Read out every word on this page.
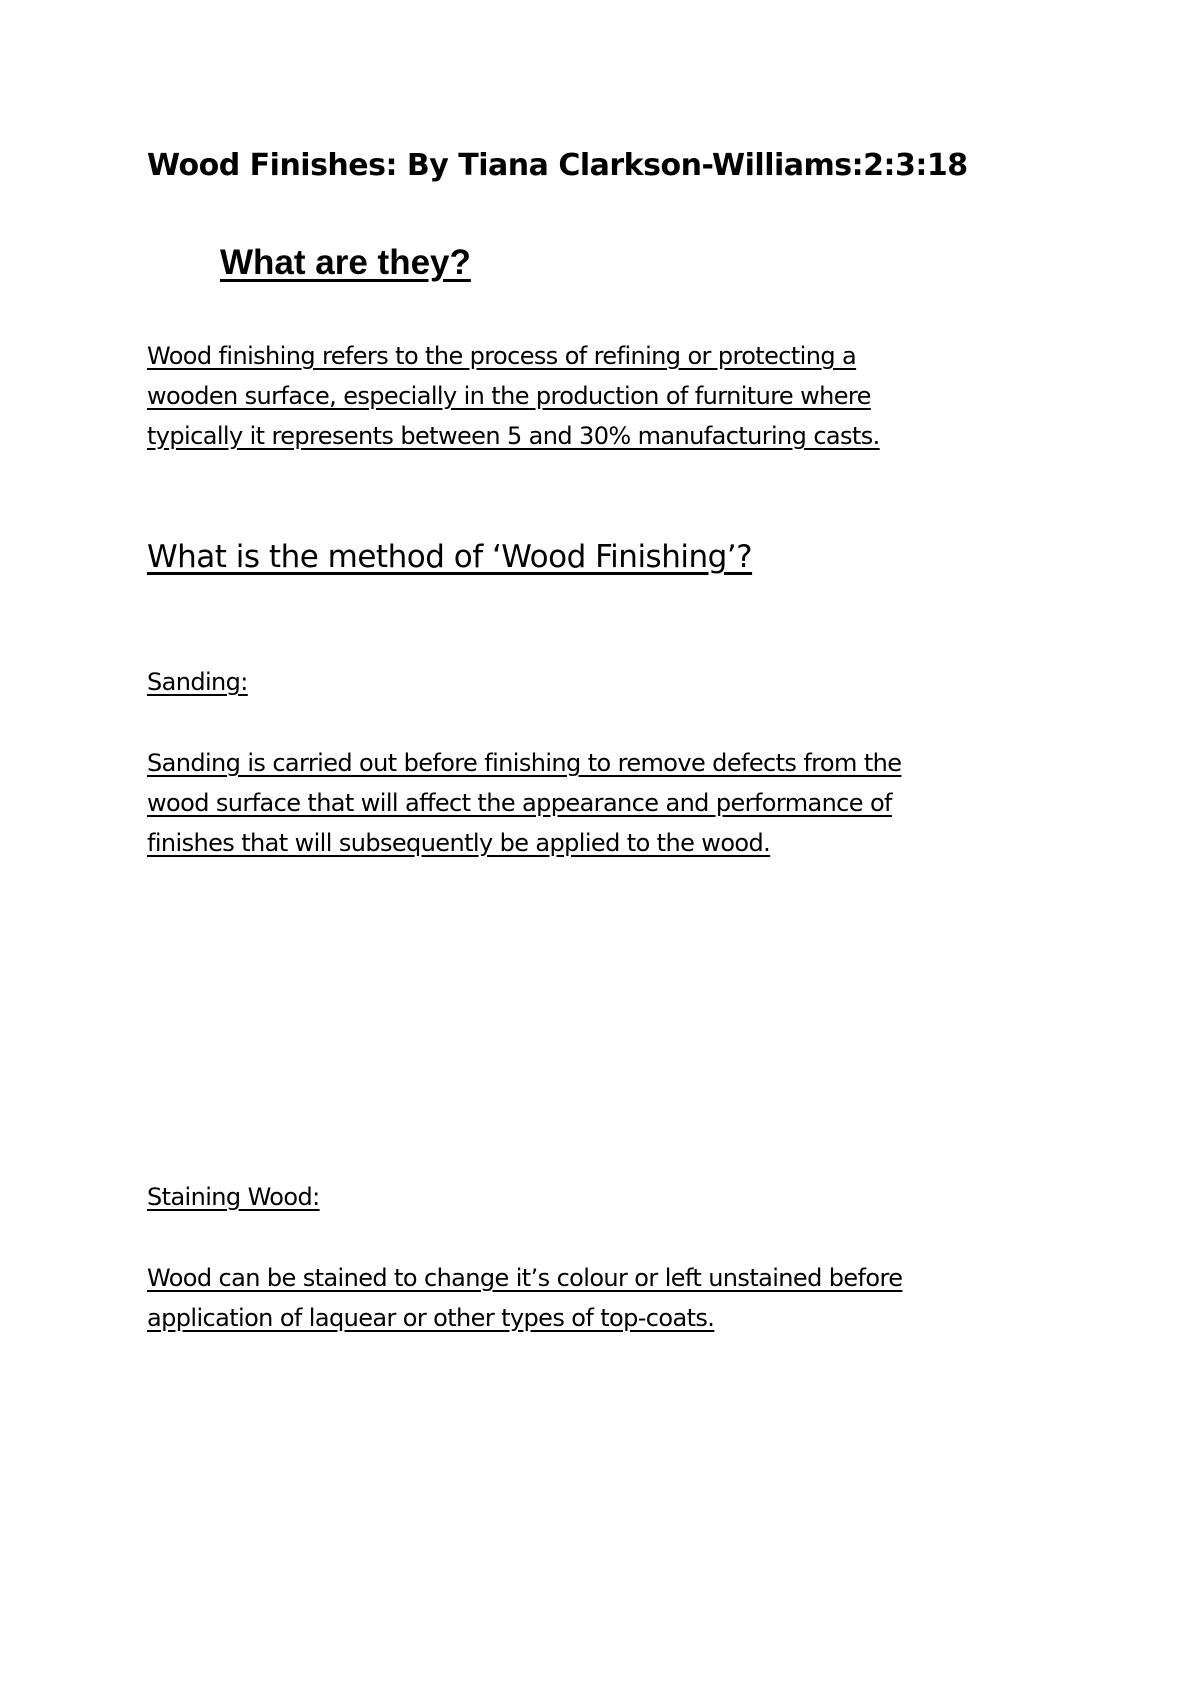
Wood Finishes: By Tiana Clarkson-Williams:2:3:18
What are they?

Wood finishing refers to the process of refining or protecting a
wooden surface, especially in the production of furniture where
typically it represents between 5 and 30% manufacturing casts.

What is the method of ‘Wood Finishing’?

Sanding:

Sanding is carried out before finishing to remove defects from the
wood surface that will affect the appearance and performance of
finishes that will subsequently be applied to the wood.

Staining Wood:

Wood can be stained to change it’s colour or left unstained before
application of laquear or other types of top-coats.
